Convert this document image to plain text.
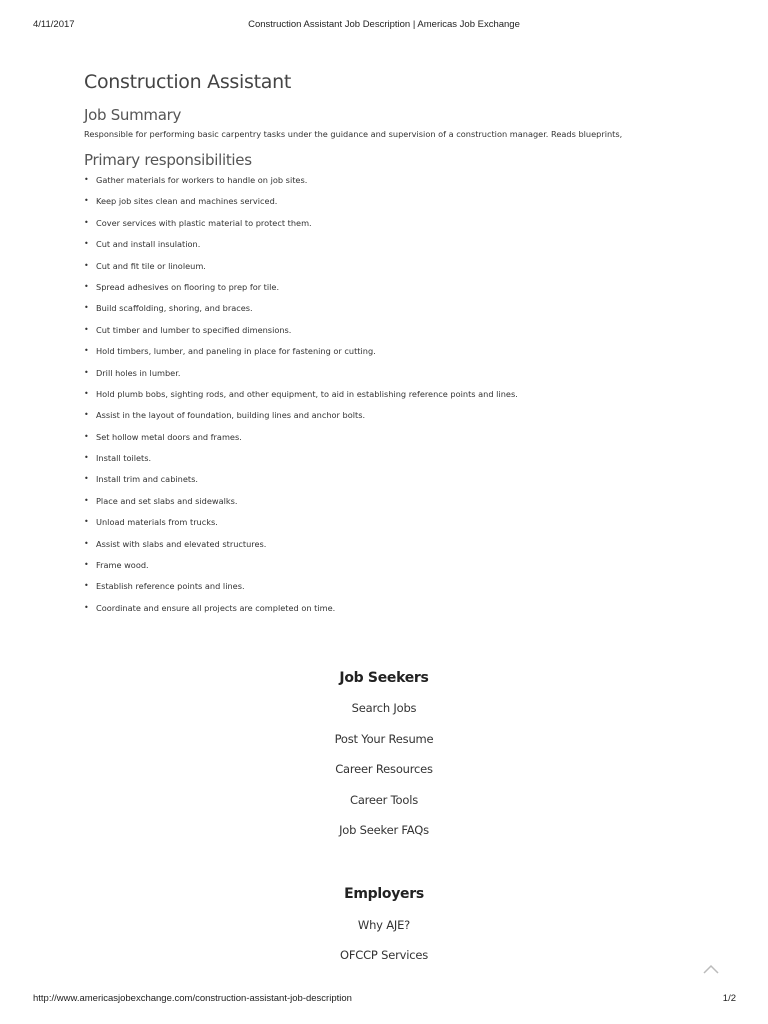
4/11/2017	Construction Assistant Job Description | Americas Job Exchange
Construction Assistant
Job Summary

Responsible for performing basic carpentry tasks under the guidance and supervision of a construction manager. Reads blueprints,

Primary responsibilities
• Gather materials for workers to handle on job sites.
• Keep job sites clean and machines serviced.
• Cover services with plastic material to protect them.
• Cut and install insulation.
• Cut and fit tile or linoleum.
• Spread adhesives on flooring to prep for tile.
• Build scaffolding, shoring, and braces.
• Cut timber and lumber to specified dimensions.
• Hold timbers, lumber, and paneling in place for fastening or cutting.
• Drill holes in lumber.
• Hold plumb bobs, sighting rods, and other equipment, to aid in establishing reference points and lines.
• Assist in the layout of foundation, building lines and anchor bolts.
• Set hollow metal doors and frames.
• Install toilets.
• Install trim and cabinets.
• Place and set slabs and sidewalks.
• Unload materials from trucks.
• Assist with slabs and elevated structures.
• Frame wood.
• Establish reference points and lines.
• Coordinate and ensure all projects are completed on time.
Job Seekers
Search Jobs
Post Your Resume
Career Resources
Career Tools
Job Seeker FAQs
Employers
Why AJE?
OFCCP Services
http://www.americasjobexchange.com/construction-assistant-job-description	1/2
